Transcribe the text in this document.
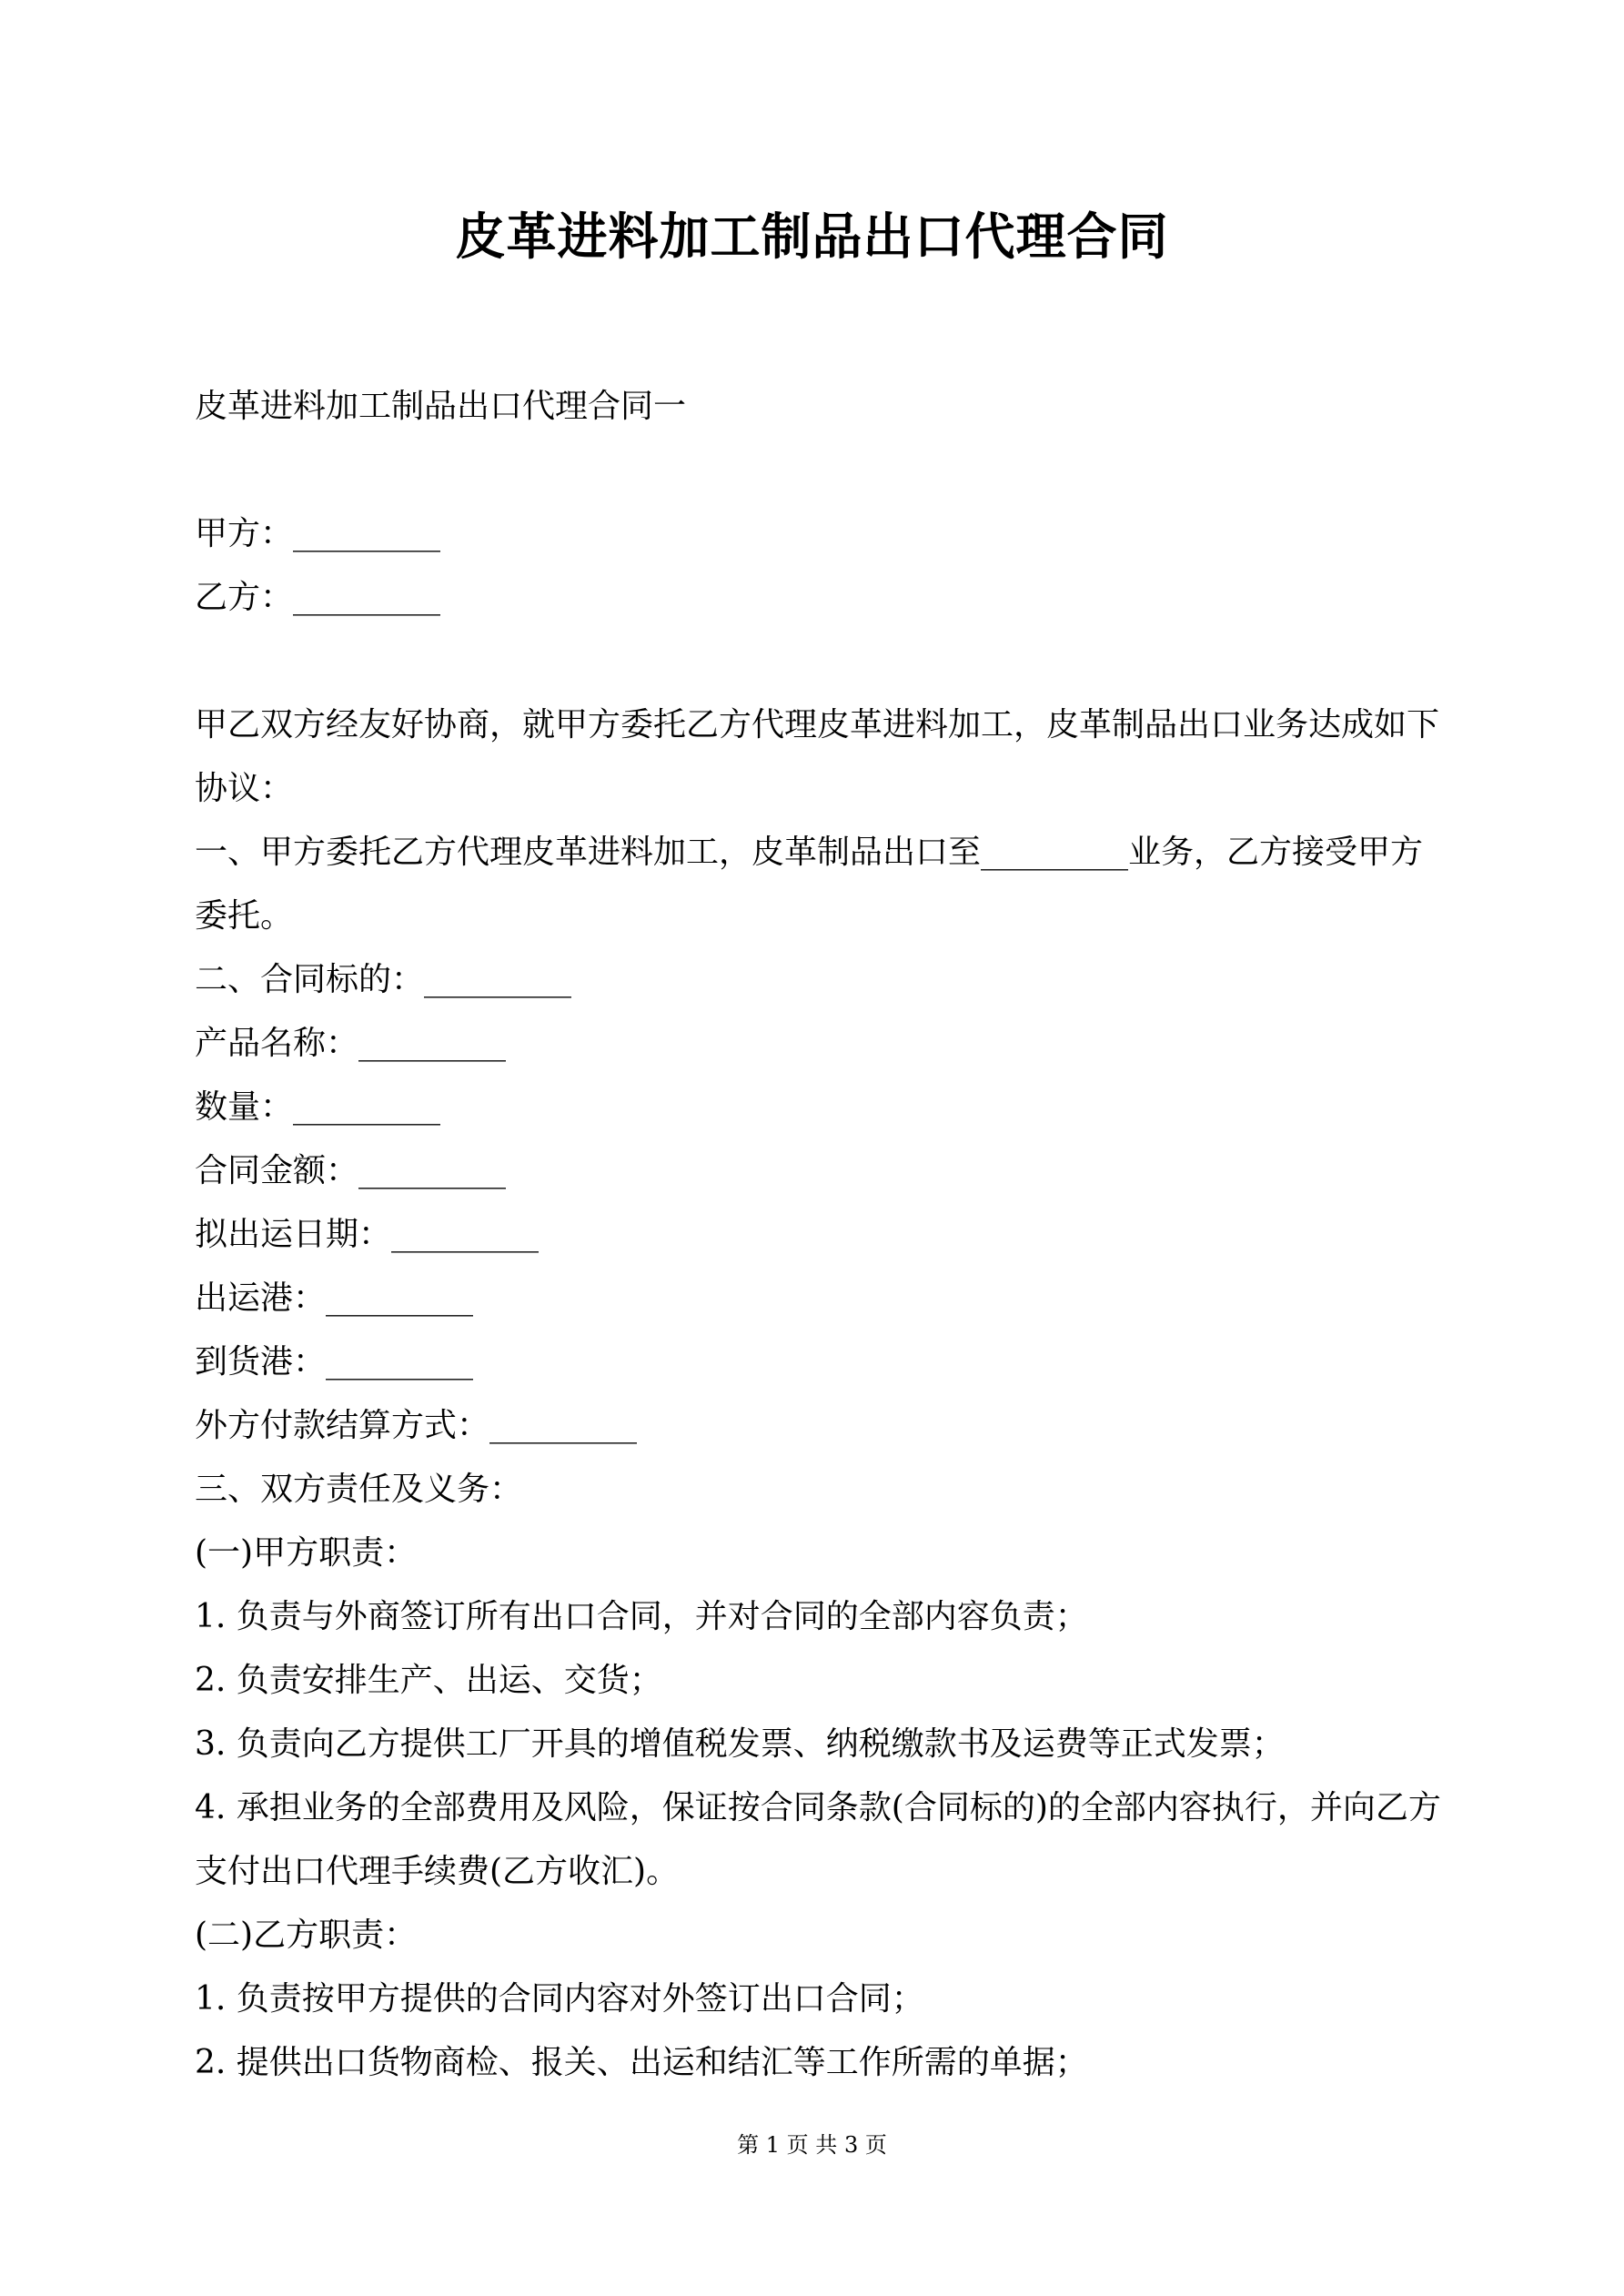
皮革进料加工制品出口代理合同
皮革进料加工制品出口代理合同一

甲方：_________
乙方：_________

甲乙双方经友好协商，就甲方委托乙方代理皮革进料加工，皮革制品出口业务达成如下
协议：
一、甲方委托乙方代理皮革进料加工，皮革制品出口至_________业务，乙方接受甲方
委托。
二、合同标的：_________
产品名称：_________
数量：_________
合同金额：_________
拟出运日期：_________
出运港：_________
到货港：_________
外方付款结算方式：_________
三、双方责任及义务：
(一)甲方职责：
1. 负责与外商签订所有出口合同，并对合同的全部内容负责；
2. 负责安排生产、出运、交货；
3. 负责向乙方提供工厂开具的增值税发票、纳税缴款书及运费等正式发票；
4. 承担业务的全部费用及风险，保证按合同条款(合同标的)的全部内容执行，并向乙方
支付出口代理手续费(乙方收汇)。
(二)乙方职责：
1. 负责按甲方提供的合同内容对外签订出口合同；
2. 提供出口货物商检、报关、出运和结汇等工作所需的单据；
第 1 页 共 3 页
